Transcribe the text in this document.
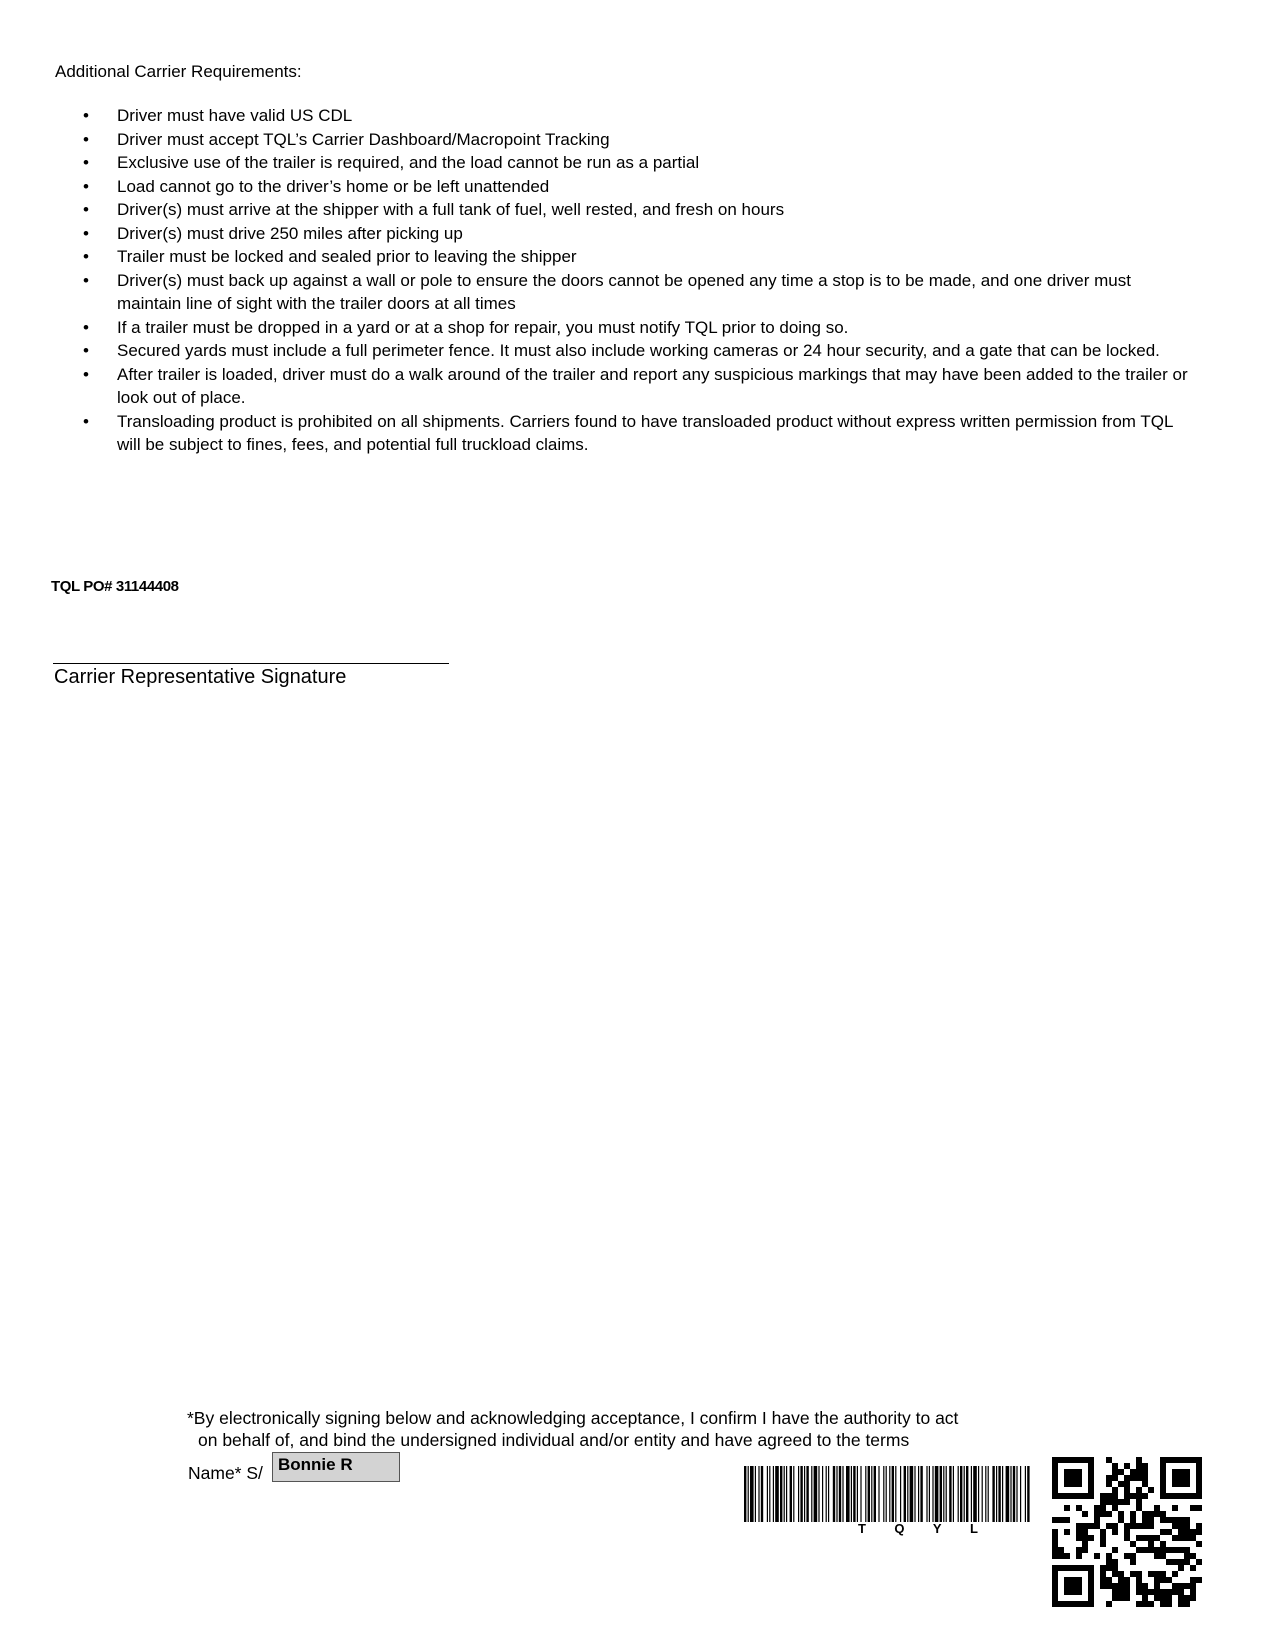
Additional Carrier Requirements:
• Driver must have valid US CDL
• Driver must accept TQL’s Carrier Dashboard/Macropoint Tracking
• Exclusive use of the trailer is required, and the load cannot be run as a partial
• Load cannot go to the driver’s home or be left unattended
• Driver(s) must arrive at the shipper with a full tank of fuel, well rested, and fresh on hours
• Driver(s) must drive 250 miles after picking up
• Trailer must be locked and sealed prior to leaving the shipper
• Driver(s) must back up against a wall or pole to ensure the doors cannot be opened any time a stop is to be made, and one driver must maintain line of sight with the trailer doors at all times
• If a trailer must be dropped in a yard or at a shop for repair, you must notify TQL prior to doing so.
• Secured yards must include a full perimeter fence. It must also include working cameras or 24 hour security, and a gate that can be locked.
• After trailer is loaded, driver must do a walk around of the trailer and report any suspicious markings that may have been added to the trailer or look out of place.
• Transloading product is prohibited on all shipments. Carriers found to have transloaded product without express written permission from TQL will be subject to fines, fees, and potential full truckload claims.
TQL PO# 31144408
Carrier Representative Signature
*By electronically signing below and acknowledging acceptance, I confirm I have the authority to act
on behalf of, and bind the undersigned individual and/or entity and have agreed to the terms
Name* S/ Bonnie R
T Q Y L
